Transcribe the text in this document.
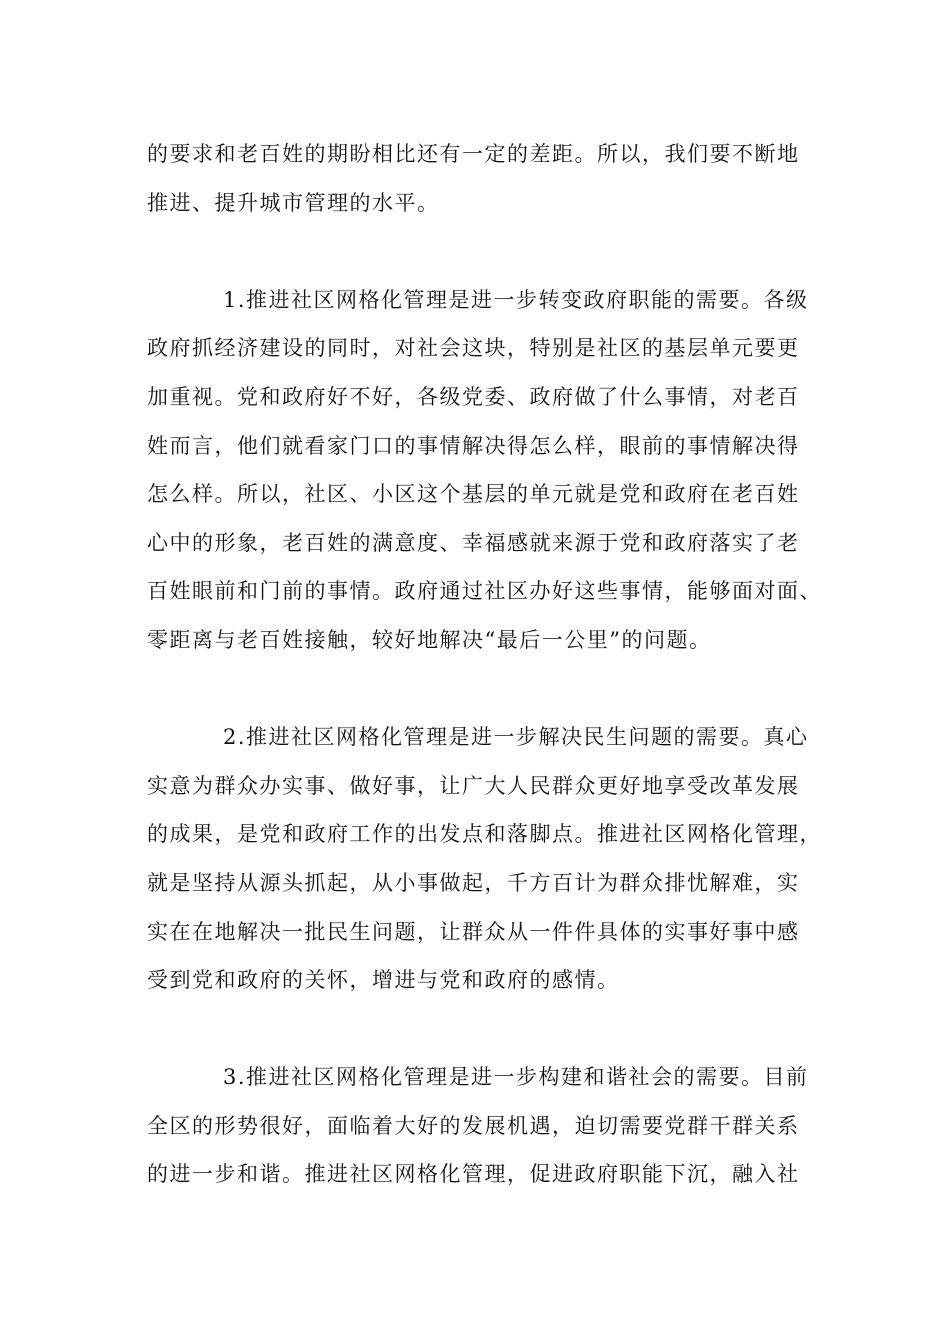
的要求和老百姓的期盼相比还有一定的差距。所以，我们要不断地
推进、提升城市管理的水平。
1.推进社区网格化管理是进一步转变政府职能的需要。各级
政府抓经济建设的同时，对社会这块，特别是社区的基层单元要更
加重视。党和政府好不好，各级党委、政府做了什么事情，对老百
姓而言，他们就看家门口的事情解决得怎么样，眼前的事情解决得
怎么样。所以，社区、小区这个基层的单元就是党和政府在老百姓
心中的形象，老百姓的满意度、幸福感就来源于党和政府落实了老
百姓眼前和门前的事情。政府通过社区办好这些事情，能够面对面、
零距离与老百姓接触，较好地解决“最后一公里”的问题。
2.推进社区网格化管理是进一步解决民生问题的需要。真心
实意为群众办实事、做好事，让广大人民群众更好地享受改革发展
的成果，是党和政府工作的出发点和落脚点。推进社区网格化管理，
就是坚持从源头抓起，从小事做起，千方百计为群众排忧解难，实
实在在地解决一批民生问题，让群众从一件件具体的实事好事中感
受到党和政府的关怀，增进与党和政府的感情。
3.推进社区网格化管理是进一步构建和谐社会的需要。目前
全区的形势很好，面临着大好的发展机遇，迫切需要党群干群关系
的进一步和谐。推进社区网格化管理，促进政府职能下沉，融入社
